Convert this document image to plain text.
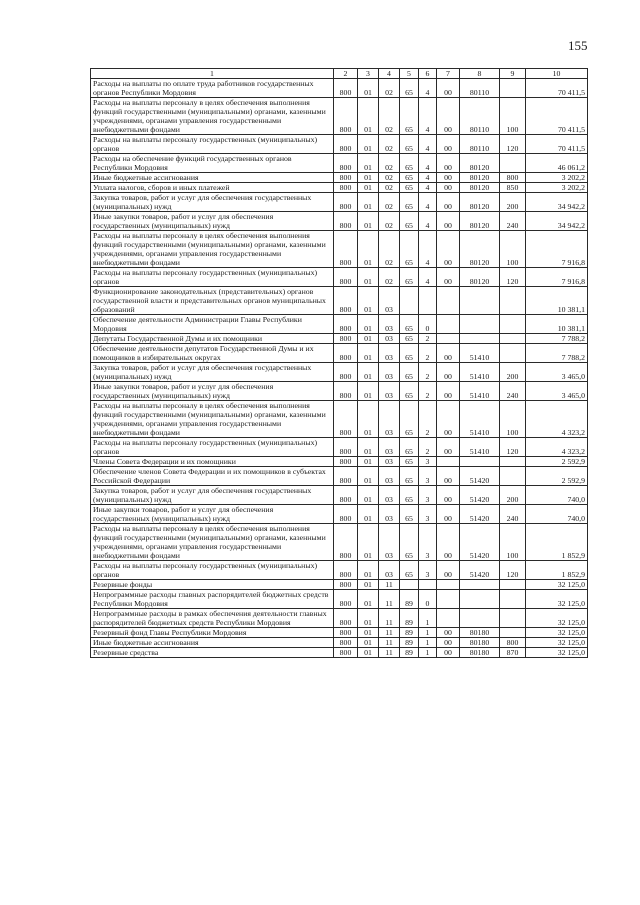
155
1	2	3	4	5	6	7	8	9	10
Расходы на выплаты по оплате труда работников государственных органов Республики Мордовия	800	01	02	65	4	00	80110		70 411,5
Расходы на выплаты персоналу в целях обеспечения выполнения функций государственными (муниципальными) органами, казенными учреждениями, органами управления государственными внебюджетными фондами	800	01	02	65	4	00	80110	100	70 411,5
Расходы на выплаты персоналу государственных (муниципальных) органов	800	01	02	65	4	00	80110	120	70 411,5
Расходы на обеспечение функций государственных органов Республики Мордовия	800	01	02	65	4	00	80120		46 061,2
Иные бюджетные ассигнования	800	01	02	65	4	00	80120	800	3 202,2
Уплата налогов, сборов и иных платежей	800	01	02	65	4	00	80120	850	3 202,2
Закупка товаров, работ и услуг для обеспечения государственных (муниципальных) нужд	800	01	02	65	4	00	80120	200	34 942,2
Иные закупки товаров, работ и услуг для обеспечения государственных (муниципальных) нужд	800	01	02	65	4	00	80120	240	34 942,2
Расходы на выплаты персоналу в целях обеспечения выполнения функций государственными (муниципальными) органами, казенными учреждениями, органами управления государственными внебюджетными фондами	800	01	02	65	4	00	80120	100	7 916,8
Расходы на выплаты персоналу государственных (муниципальных) органов	800	01	02	65	4	00	80120	120	7 916,8
Функционирование законодательных (представительных) органов государственной власти и представительных органов муниципальных образований	800	01	03						10 381,1
Обеспечение деятельности Администрации Главы Республики Мордовия	800	01	03	65	0				10 381,1
Депутаты Государственной Думы и их помощники	800	01	03	65	2				7 788,2
Обеспечение деятельности депутатов Государственной Думы и их помощников в избирательных округах	800	01	03	65	2	00	51410		7 788,2
Закупка товаров, работ и услуг для обеспечения государственных (муниципальных) нужд	800	01	03	65	2	00	51410	200	3 465,0
Иные закупки товаров, работ и услуг для обеспечения государственных (муниципальных) нужд	800	01	03	65	2	00	51410	240	3 465,0
Расходы на выплаты персоналу в целях обеспечения выполнения функций государственными (муниципальными) органами, казенными учреждениями, органами управления государственными внебюджетными фондами	800	01	03	65	2	00	51410	100	4 323,2
Расходы на выплаты персоналу государственных (муниципальных) органов	800	01	03	65	2	00	51410	120	4 323,2
Члены Совета Федерации и их помощники	800	01	03	65	3				2 592,9
Обеспечение членов Совета Федерации и их помощников в субъектах Российской Федерации	800	01	03	65	3	00	51420		2 592,9
Закупка товаров, работ и услуг для обеспечения государственных (муниципальных) нужд	800	01	03	65	3	00	51420	200	740,0
Иные закупки товаров, работ и услуг для обеспечения государственных (муниципальных) нужд	800	01	03	65	3	00	51420	240	740,0
Расходы на выплаты персоналу в целях обеспечения выполнения функций государственными (муниципальными) органами, казенными учреждениями, органами управления государственными внебюджетными фондами	800	01	03	65	3	00	51420	100	1 852,9
Расходы на выплаты персоналу государственных (муниципальных) органов	800	01	03	65	3	00	51420	120	1 852,9
Резервные фонды	800	01	11						32 125,0
Непрограммные расходы главных распорядителей бюджетных средств Республики Мордовия	800	01	11	89	0				32 125,0
Непрограммные расходы в рамках обеспечения деятельности главных распорядителей бюджетных средств Республики Мордовия	800	01	11	89	1				32 125,0
Резервный фонд Главы Республики Мордовия	800	01	11	89	1	00	80180		32 125,0
Иные бюджетные ассигнования	800	01	11	89	1	00	80180	800	32 125,0
Резервные средства	800	01	11	89	1	00	80180	870	32 125,0
